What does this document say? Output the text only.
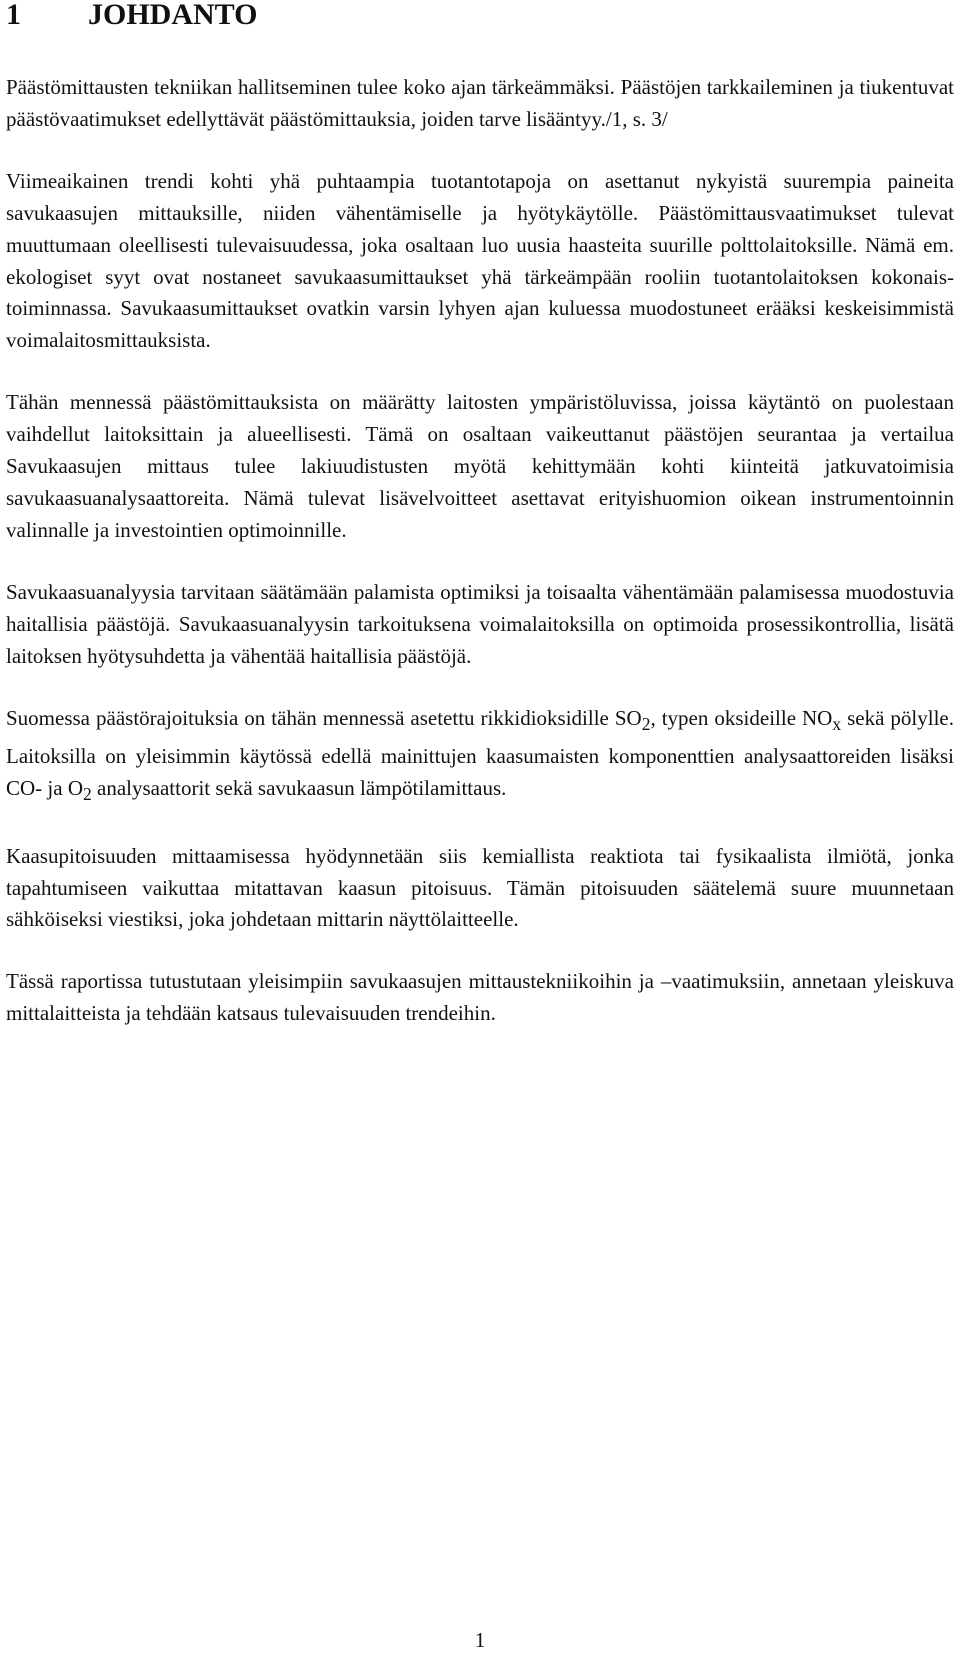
1 JOHDANTO

Päästömittausten tekniikan hallitseminen tulee koko ajan tärkeämmäksi. Päästöjen tarkkaileminen ja tiukentuvat päästövaatimukset edellyttävät päästömittauksia, joiden tarve lisääntyy./1, s. 3/

Viimeaikainen trendi kohti yhä puhtaampia tuotantotapoja on asettanut nykyistä suurempia paineita savukaasujen mittauksille, niiden vähentämiselle ja hyötykäytölle. Päästömittausvaatimukset tulevat muuttumaan oleellisesti tulevaisuudessa, joka osaltaan luo uusia haasteita suurille polttolaitoksille. Nämä em. ekologiset syyt ovat nostaneet savukaasumittaukset yhä tärkeämpään rooliin tuotantolaitoksen kokonaistoiminnassa. Savukaasumittaukset ovatkin varsin lyhyen ajan kuluessa muodostuneet erääksi keskeisimmistä voimalaitosmittauksista.

Tähän mennessä päästömittauksista on määrätty laitosten ympäristöluvissa, joissa käytäntö on puolestaan vaihdellut laitoksittain ja alueellisesti. Tämä on osaltaan vaikeuttanut päästöjen seurantaa ja vertailua Savukaasujen mittaus tulee lakiuudistusten myötä kehittymään kohti kiinteitä jatkuvatoimisia savukaasuanalysaattoreita. Nämä tulevat lisävelvoitteet asettavat erityishuomion oikean instrumentoinnin valinnalle ja investointien optimoinnille.

Savukaasuanalyysia tarvitaan säätämään palamista optimiksi ja toisaalta vähentämään palamisessa muodostuvia haitallisia päästöjä. Savukaasuanalyysin tarkoituksena voimalaitoksilla on optimoida prosessikontrollia, lisätä laitoksen hyötysuhdetta ja vähentää haitallisia päästöjä.

Suomessa päästörajoituksia on tähän mennessä asetettu rikkidioksidille $SO_2$, typen oksideille $NO_x$ sekä pölylle. Laitoksilla on yleisimmin käytössä edellä mainittujen kaasumaisten komponenttien analysaattoreiden lisäksi CO- ja $O_2$ analysaattorit sekä savukaasun lämpötilamittaus.

Kaasupitoisuuden mittaamisessa hyödynnetään siis kemiallista reaktiota tai fysikaalista ilmiötä, jonka tapahtumiseen vaikuttaa mitattavan kaasun pitoisuus. Tämän pitoisuuden säätelemä suure muunnetaan sähköiseksi viestiksi, joka johdetaan mittarin näyttölaitteelle.

Tässä raportissa tutustutaan yleisimpiin savukaasujen mittaustekniikoihin ja –vaatimuksiin, annetaan yleiskuva mittalaitteista ja tehdään katsaus tulevaisuuden trendeihin.

1
